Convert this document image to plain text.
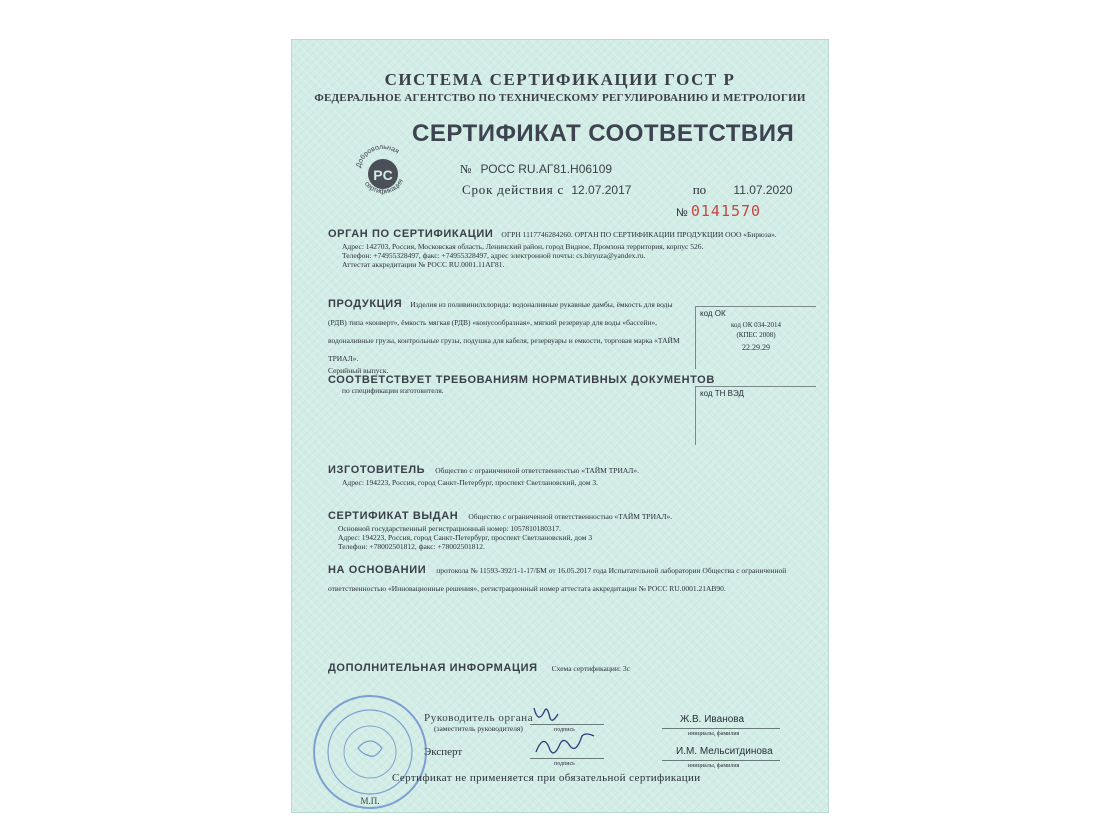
СИСТЕМА СЕРТИФИКАЦИИ ГОСТ Р
ФЕДЕРАЛЬНОЕ АГЕНТСТВО ПО ТЕХНИЧЕСКОМУ РЕГУЛИРОВАНИЮ И МЕТРОЛОГИИ
Добровольная
PC
сертификация
СЕРТИФИКАТ СООТВЕТСТВИЯ
№ РОСС RU.АГ81.Н06109
Срок действия с 12.07.2017	по 11.07.2020
№ 0141570
ОРГАН ПО СЕРТИФИКАЦИИ ОГРН 1117746284260. ОРГАН ПО СЕРТИФИКАЦИИ ПРОДУКЦИИ ООО «Бирюза».
Адрес: 142703, Россия, Московская область, Ленинский район, город Видное, Промзона территория, корпус 526.
Телефон: +74955328497, факс: +74955328497, адрес электронной почты: cs.biryuza@yandex.ru.
Аттестат аккредитации № РОСС RU.0001.11АГ81.
ПРОДУКЦИЯ Изделия из поливинилхлорида: водоналивные рукавные дамбы, ёмкость для воды (РДВ) типа «конверт», ёмкость мягкая (РДВ) «конусообразная», мягкий резервуар для воды «бассейн», водоналивные грузы, контрольные грузы, подушка для кабеля, резервуары и емкости, торговая марка «ТАЙМ ТРИАЛ».
Серийный выпуск.
код ОК
код ОК 034-2014
(КПЕС 2008)
22.29.29
СООТВЕТСТВУЕТ ТРЕБОВАНИЯМ НОРМАТИВНЫХ ДОКУМЕНТОВ
по спецификации изготовителя.	код ТН ВЭД
ИЗГОТОВИТЕЛЬ Общество с ограниченной ответственностью «ТАЙМ ТРИАЛ».
Адрес: 194223, Россия, город Санкт-Петербург, проспект Светлановский, дом 3.
СЕРТИФИКАТ ВЫДАН Общество с ограниченной ответственностью «ТАЙМ ТРИАЛ».
Основной государственный регистрационный номер: 1057810180317.
Адрес: 194223, Россия, город Санкт-Петербург, проспект Светлановский, дом 3
Телефон: +78002501812, факс: +78002501812.
НА ОСНОВАНИИ протокола № 11593-392/1-1-17/БМ от 16.05.2017 года Испытательной лаборатории Общества с ограниченной ответственностью «Инновационные решения», регистрационный номер аттестата аккредитации № РОСС RU.0001.21АВ90.
ДОПОЛНИТЕЛЬНАЯ ИНФОРМАЦИЯ Схема сертификации: 3с
М.П.
Руководитель органа
(заместитель руководителя)	подпись
Ж.В. Иванова
инициалы, фамилия
Эксперт
подпись
И.М. Мельситдинова
инициалы, фамилия
Сертификат не применяется при обязательной сертификации
